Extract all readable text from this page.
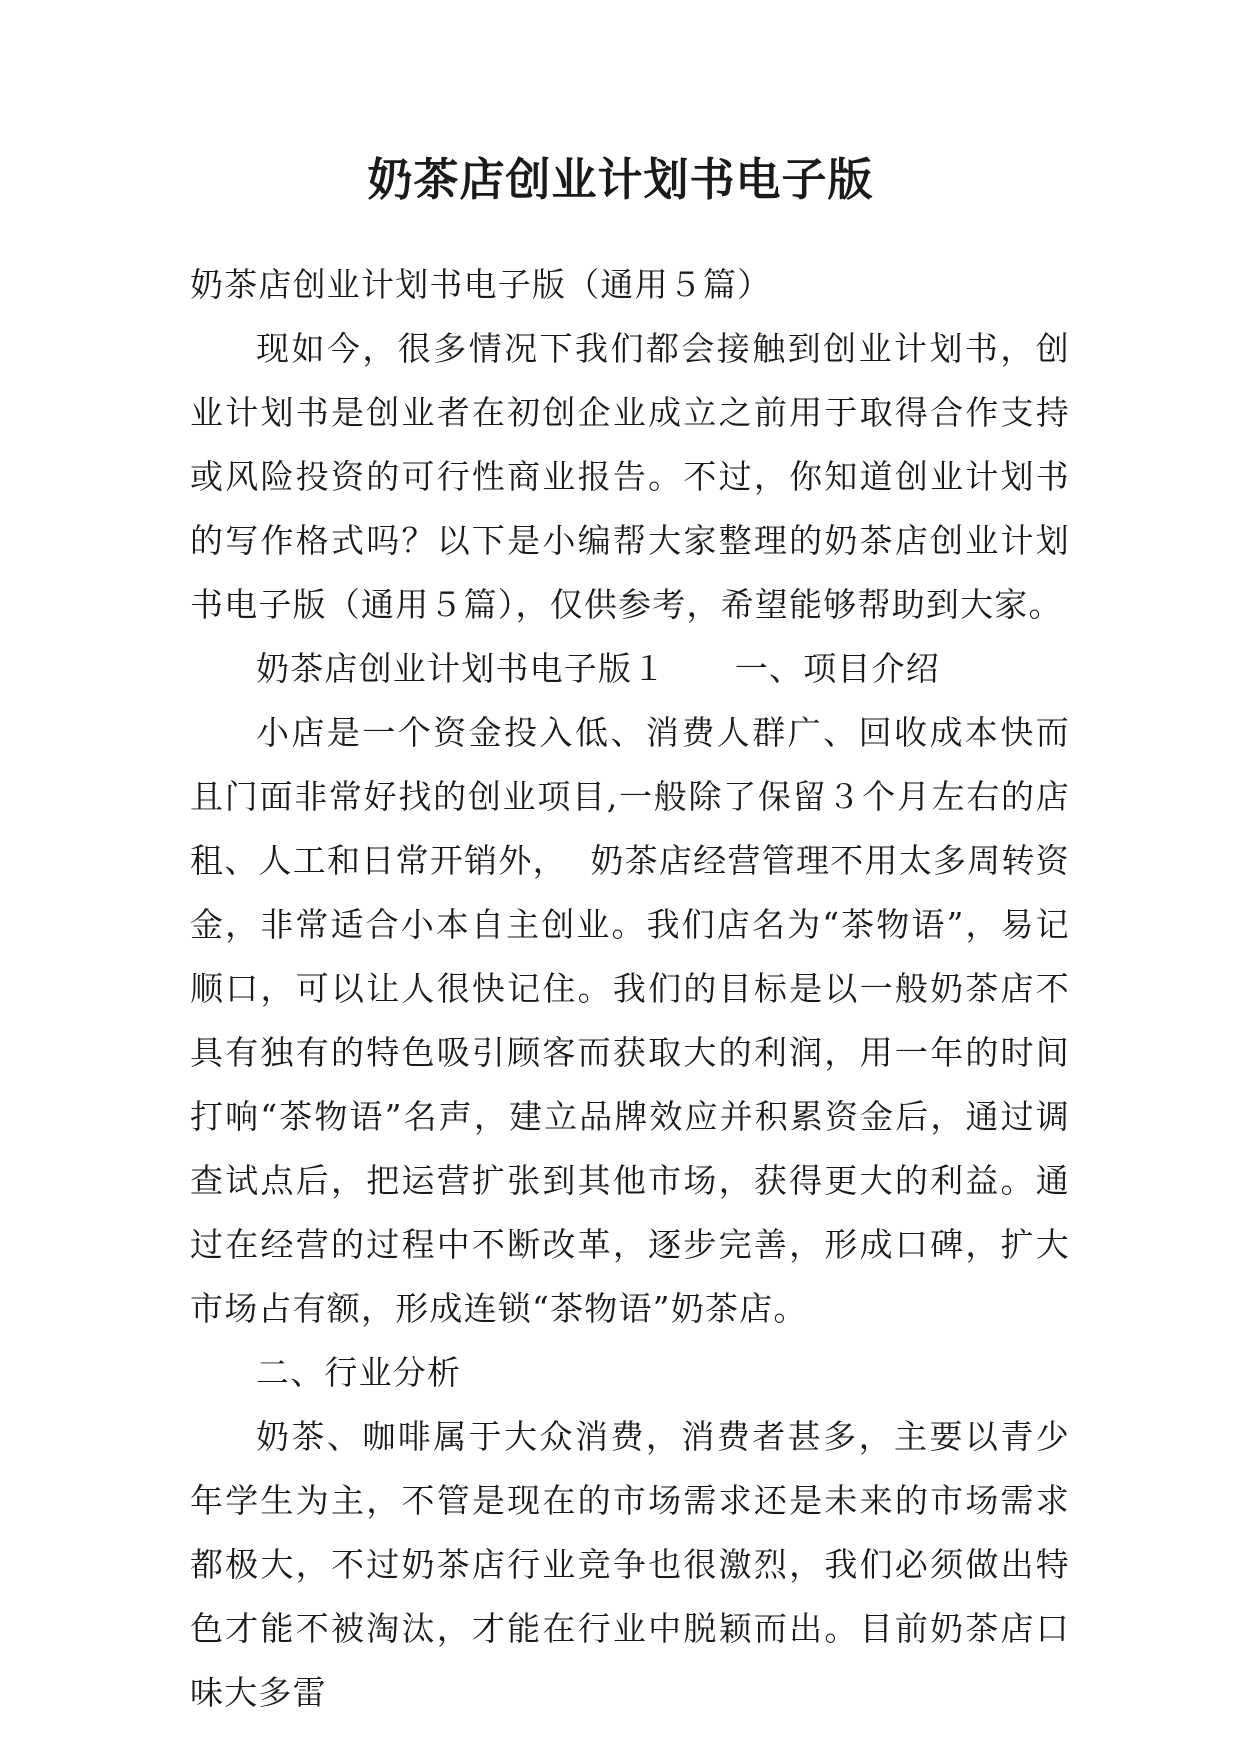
奶茶店创业计划书电子版

奶茶店创业计划书电子版（通用５篇）

现如今，很多情况下我们都会接触到创业计划书，创业计划书是创业者在初创企业成立之前用于取得合作支持或风险投资的可行性商业报告。不过，你知道创业计划书的写作格式吗？以下是小编帮大家整理的奶茶店创业计划书电子版（通用５篇），仅供参考，希望能够帮助到大家。

奶茶店创业计划书电子版１　　一、项目介绍

小店是一个资金投入低、消费人群广、回收成本快而且门面非常好找的创业项目,一般除了保留３个月左右的店租、人工和日常开销外，  奶茶店经营管理不用太多周转资金，非常适合小本自主创业。我们店名为“茶物语”，易记顺口，可以让人很快记住。我们的目标是以一般奶茶店不具有独有的特色吸引顾客而获取大的利润，用一年的时间打响“茶物语”名声，建立品牌效应并积累资金后，通过调查试点后，把运营扩张到其他市场，获得更大的利益。通过在经营的过程中不断改革，逐步完善，形成口碑，扩大市场占有额，形成连锁“茶物语”奶茶店。

二、行业分析

奶茶、咖啡属于大众消费，消费者甚多，主要以青少年学生为主，不管是现在的市场需求还是未来的市场需求都极大，不过奶茶店行业竞争也很激烈，我们必须做出特色才能不被淘汰，才能在行业中脱颖而出。目前奶茶店口味大多雷
